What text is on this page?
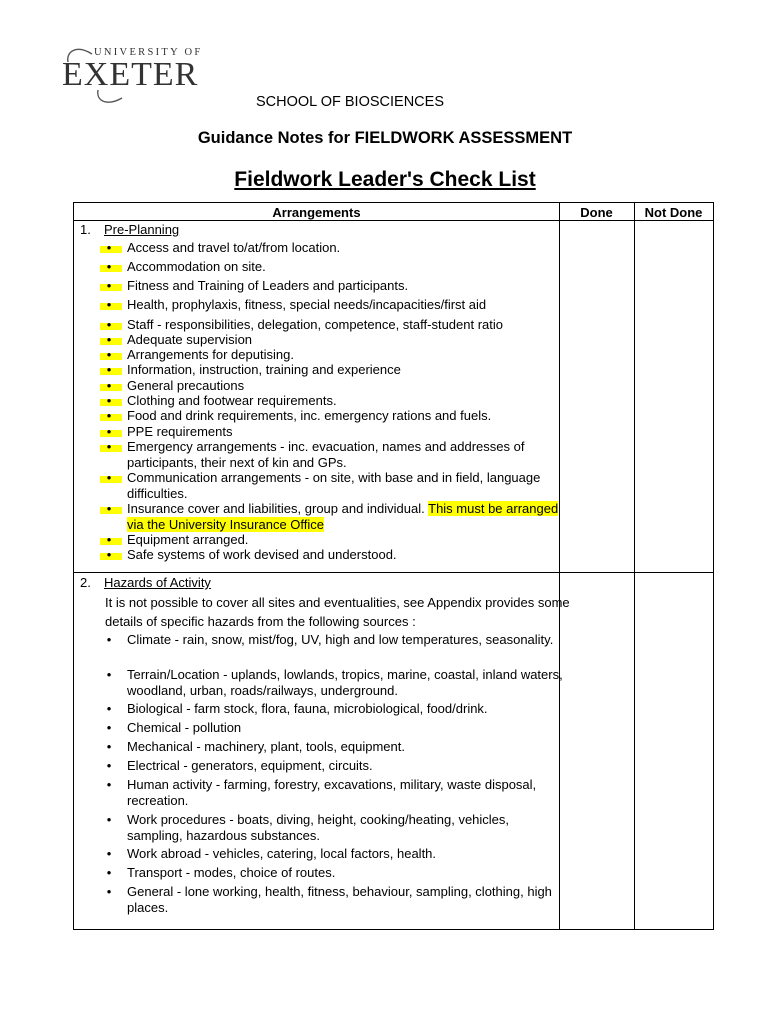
UNIVERSITY OF
EXETER
SCHOOL OF BIOSCIENCES
Guidance Notes for FIELDWORK ASSESSMENT
Fieldwork Leader's Check List
Arrangements	Done	Not Done
1. Pre-Planning
•	Access and travel to/at/from location.
•	Accommodation on site.
•	Fitness and Training of Leaders and participants.
•	Health, prophylaxis, fitness, special needs/incapacities/first aid
•	Staff - responsibilities, delegation, competence, staff-student ratio
•	Adequate supervision
•	Arrangements for deputising.
•	Information, instruction, training and experience
•	General precautions
•	Clothing and footwear requirements.
•	Food and drink requirements, inc. emergency rations and fuels.
•	PPE requirements
•	Emergency arrangements - inc. evacuation, names and addresses of participants, their next of kin and GPs.
•	Communication arrangements - on site, with base and in field, language difficulties.
•	Insurance cover and liabilities, group and individual. This must be arranged via the University Insurance Office
•	Equipment arranged.
•	Safe systems of work devised and understood.
2. Hazards of Activity
It is not possible to cover all sites and eventualities, see Appendix provides some details of specific hazards from the following sources :
•	Climate - rain, snow, mist/fog, UV, high and low temperatures, seasonality.
•	Terrain/Location - uplands, lowlands, tropics, marine, coastal, inland waters, woodland, urban, roads/railways, underground.
•	Biological - farm stock, flora, fauna, microbiological, food/drink.
•	Chemical - pollution
•	Mechanical - machinery, plant, tools, equipment.
•	Electrical - generators, equipment, circuits.
•	Human activity - farming, forestry, excavations, military, waste disposal, recreation.
•	Work procedures - boats, diving, height, cooking/heating, vehicles, sampling, hazardous substances.
•	Work abroad - vehicles, catering, local factors, health.
•	Transport - modes, choice of routes.
•	General - lone working, health, fitness, behaviour, sampling, clothing, high places.
